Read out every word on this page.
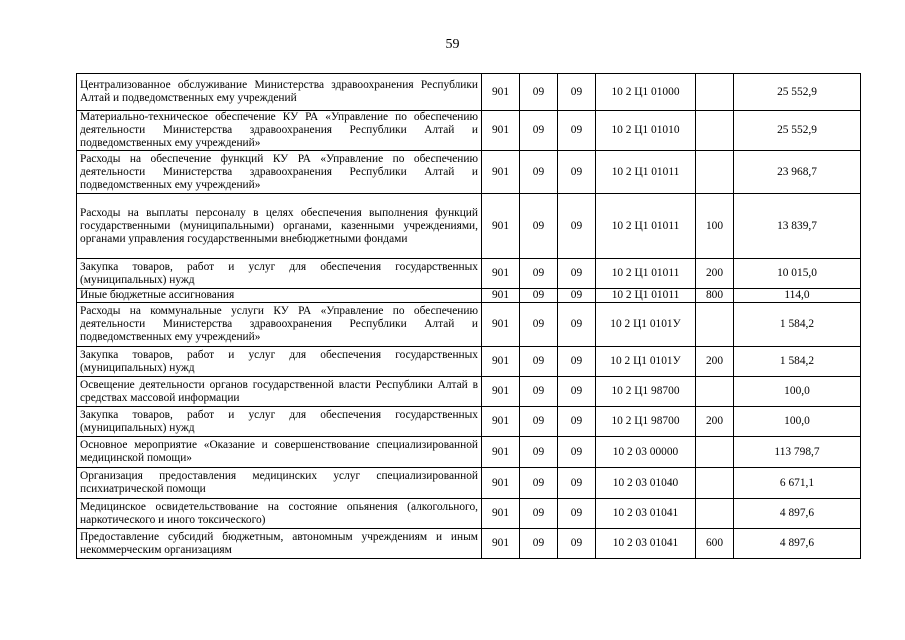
59
Централизованное обслуживание Министерства здравоохранения Республики Алтай и подведомственных ему учреждений	901	09	09	10 2 Ц1 01000		25 552,9
Материально-техническое обеспечение КУ РА «Управление по обеспечению деятельности Министерства здравоохранения Республики Алтай и подведомственных ему учреждений»	901	09	09	10 2 Ц1 01010		25 552,9
Расходы на обеспечение функций КУ РА «Управление по обеспечению деятельности Министерства здравоохранения Республики Алтай и подведомственных ему учреждений»	901	09	09	10 2 Ц1 01011		23 968,7
Расходы на выплаты персоналу в целях обеспечения выполнения функций государственными (муниципальными) органами, казенными учреждениями, органами управления государственными внебюджетными фондами	901	09	09	10 2 Ц1 01011	100	13 839,7
Закупка товаров, работ и услуг для обеспечения государственных (муниципальных) нужд	901	09	09	10 2 Ц1 01011	200	10 015,0
Иные бюджетные ассигнования	901	09	09	10 2 Ц1 01011	800	114,0
Расходы на коммунальные услуги КУ РА «Управление по обеспечению деятельности Министерства здравоохранения Республики Алтай и подведомственных ему учреждений»	901	09	09	10 2 Ц1 0101У		1 584,2
Закупка товаров, работ и услуг для обеспечения государственных (муниципальных) нужд	901	09	09	10 2 Ц1 0101У	200	1 584,2
Освещение деятельности органов государственной власти Республики Алтай в средствах массовой информации	901	09	09	10 2 Ц1 98700		100,0
Закупка товаров, работ и услуг для обеспечения государственных (муниципальных) нужд	901	09	09	10 2 Ц1 98700	200	100,0
Основное мероприятие «Оказание и совершенствование специализированной медицинской помощи»	901	09	09	10 2 03 00000		113 798,7
Организация предоставления медицинских услуг специализированной психиатрической помощи	901	09	09	10 2 03 01040		6 671,1
Медицинское освидетельствование на состояние опьянения (алкогольного, наркотического и иного токсического)	901	09	09	10 2 03 01041		4 897,6
Предоставление субсидий бюджетным, автономным учреждениям и иным некоммерческим организациям	901	09	09	10 2 03 01041	600	4 897,6
